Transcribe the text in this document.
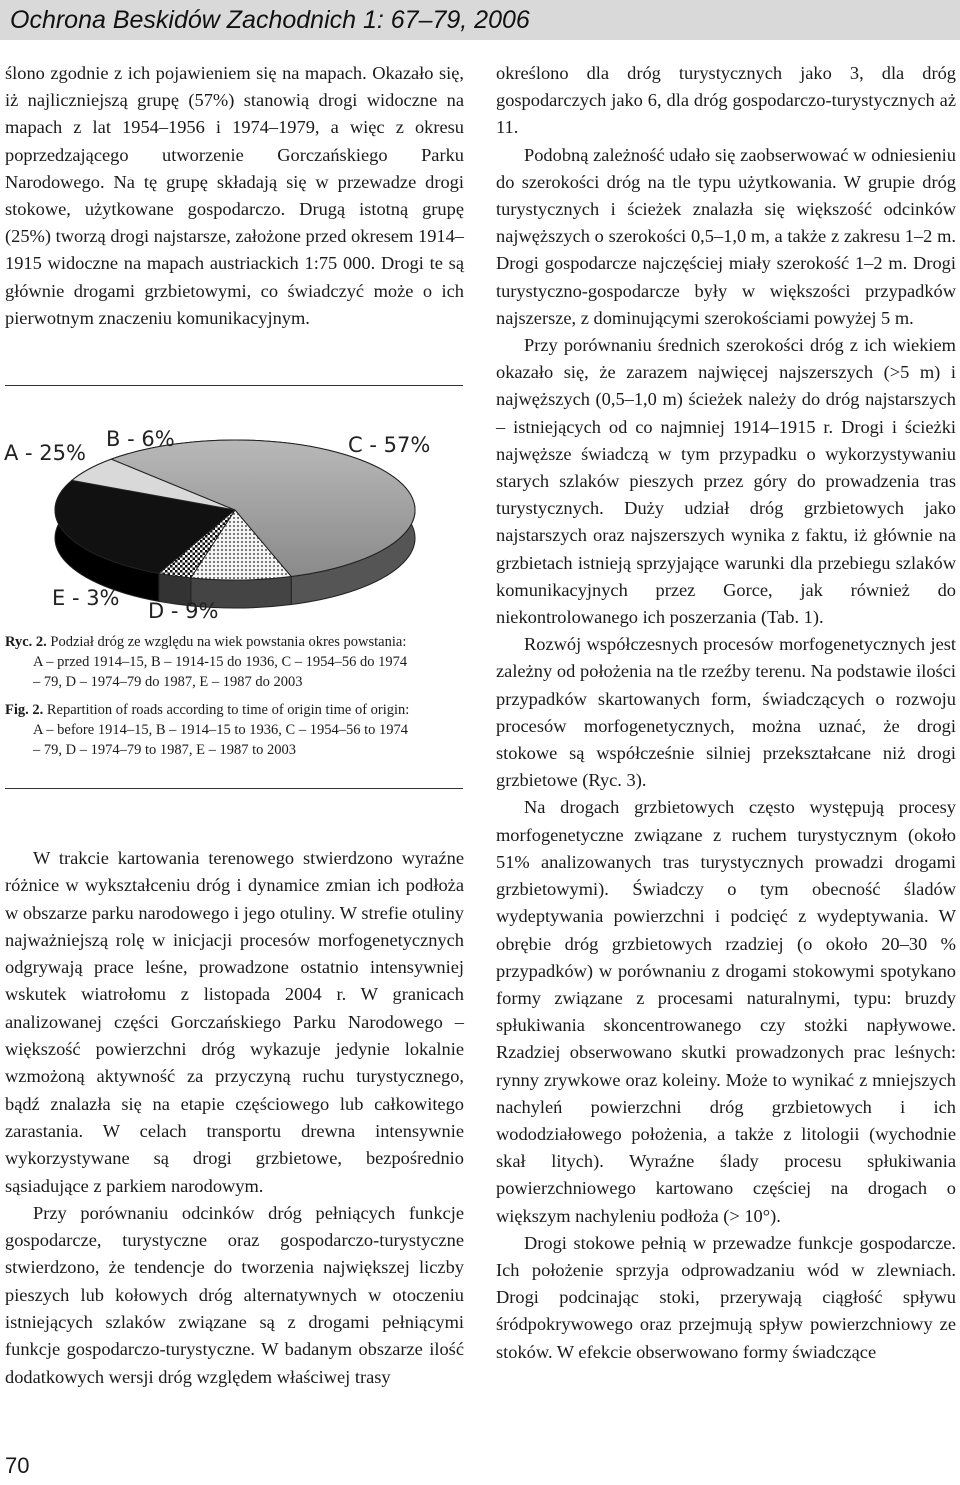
Ochrona Beskidów Zachodnich 1: 67–79, 2006

ślono zgodnie z ich pojawieniem się na mapach. Okazało się, iż najliczniejszą grupę (57%) stanowią drogi widoczne na mapach z lat 1954–1956 i 1974–1979, a więc z okresu poprzedzającego utworzenie Gorczańskiego Parku Narodowego. Na tę grupę składają się w przewadze drogi stokowe, użytkowane gospodarczo. Drugą istotną grupę (25%) tworzą drogi najstarsze, założone przed okresem 1914–1915 widoczne na mapach austriackich 1:75 000. Drogi te są głównie drogami grzbietowymi, co świadczyć może o ich pierwotnym znaczeniu komunikacyjnym.

A - 25%
B - 6%	C - 57%
D - 9%
E - 3%
Ryc. 2. Podział dróg ze względu na wiek powstania okres powstania:
A – przed 1914–15, B – 1914-15 do 1936, C – 1954–56 do 1974
– 79, D – 1974–79 do 1987, E – 1987 do 2003
Fig. 2. Repartition of roads according to time of origin time of origin:
A – before 1914–15, B – 1914–15 to 1936, C – 1954–56 to 1974
– 79, D – 1974–79 to 1987, E – 1987 to 2003

W trakcie kartowania terenowego stwierdzono wyraźne różnice w wykształceniu dróg i dynamice zmian ich podłoża w obszarze parku narodowego i jego otuliny. W strefie otuliny najważniejszą rolę w inicjacji procesów morfogenetycznych odgrywają prace leśne, prowadzone ostatnio intensywniej wskutek wiatrołomu z listopada 2004 r. W granicach analizowanej części Gorczańskiego Parku Narodowego – większość powierzchni dróg wykazuje jedynie lokalnie wzmożoną aktywność za przyczyną ruchu turystycznego, bądź znalazła się na etapie częściowego lub całkowitego zarastania. W celach transportu drewna intensywnie wykorzystywane są drogi grzbietowe, bezpośrednio sąsiadujące z parkiem narodowym.

Przy porównaniu odcinków dróg pełniących funkcje gospodarcze, turystyczne oraz gospodarczo-turystyczne stwierdzono, że tendencje do tworzenia największej liczby pieszych lub kołowych dróg alternatywnych w otoczeniu istniejących szlaków związane są z drogami pełniącymi funkcje gospodarczo-turystyczne. W badanym obszarze ilość dodatkowych wersji dróg względem właściwej trasy

określono dla dróg turystycznych jako 3, dla dróg gospodarczych jako 6, dla dróg gospodarczo-turystycznych aż 11.

Podobną zależność udało się zaobserwować w odniesieniu do szerokości dróg na tle typu użytkowania. W grupie dróg turystycznych i ścieżek znalazła się większość odcinków najwęższych o szerokości 0,5–1,0 m, a także z zakresu 1–2 m. Drogi gospodarcze najczęściej miały szerokość 1–2 m. Drogi turystyczno-gospodarcze były w większości przypadków najszersze, z dominującymi szerokościami powyżej 5 m.

Przy porównaniu średnich szerokości dróg z ich wiekiem okazało się, że zarazem najwięcej najszerszych (>5 m) i najwęższych (0,5–1,0 m) ścieżek należy do dróg najstarszych – istniejących od co najmniej 1914–1915 r. Drogi i ścieżki najwęższe świadczą w tym przypadku o wykorzystywaniu starych szlaków pieszych przez góry do prowadzenia tras turystycznych. Duży udział dróg grzbietowych jako najstarszych oraz najszerszych wynika z faktu, iż głównie na grzbietach istnieją sprzyjające warunki dla przebiegu szlaków komunikacyjnych przez Gorce, jak również do niekontrolowanego ich poszerzania (Tab. 1).

Rozwój współczesnych procesów morfogenetycznych jest zależny od położenia na tle rzeźby terenu. Na podstawie ilości przypadków skartowanych form, świadczących o rozwoju procesów morfogenetycznych, można uznać, że drogi stokowe są współcześnie silniej przekształcane niż drogi grzbietowe (Ryc. 3).

Na drogach grzbietowych często występują procesy morfogenetyczne związane z ruchem turystycznym (około 51% analizowanych tras turystycznych prowadzi drogami grzbietowymi). Świadczy o tym obecność śladów wydeptywania powierzchni i podcięć z wydeptywania. W obrębie dróg grzbietowych rzadziej (o około 20–30 % przypadków) w porównaniu z drogami stokowymi spotykano formy związane z procesami naturalnymi, typu: bruzdy spłukiwania skoncentrowanego czy stożki napływowe. Rzadziej obserwowano skutki prowadzonych prac leśnych: rynny zrywkowe oraz koleiny. Może to wynikać z mniejszych nachyleń powierzchni dróg grzbietowych i ich wododziałowego położenia, a także z litologii (wychodnie skał litych). Wyraźne ślady procesu spłukiwania powierzchniowego kartowano częściej na drogach o większym nachyleniu podłoża (> 10°).

Drogi stokowe pełnią w przewadze funkcje gospodarcze. Ich położenie sprzyja odprowadzaniu wód w zlewniach. Drogi podcinając stoki, przerywają ciągłość spływu śródpokrywowego oraz przejmują spływ powierzchniowy ze stoków. W efekcie obserwowano formy świadczące

70
